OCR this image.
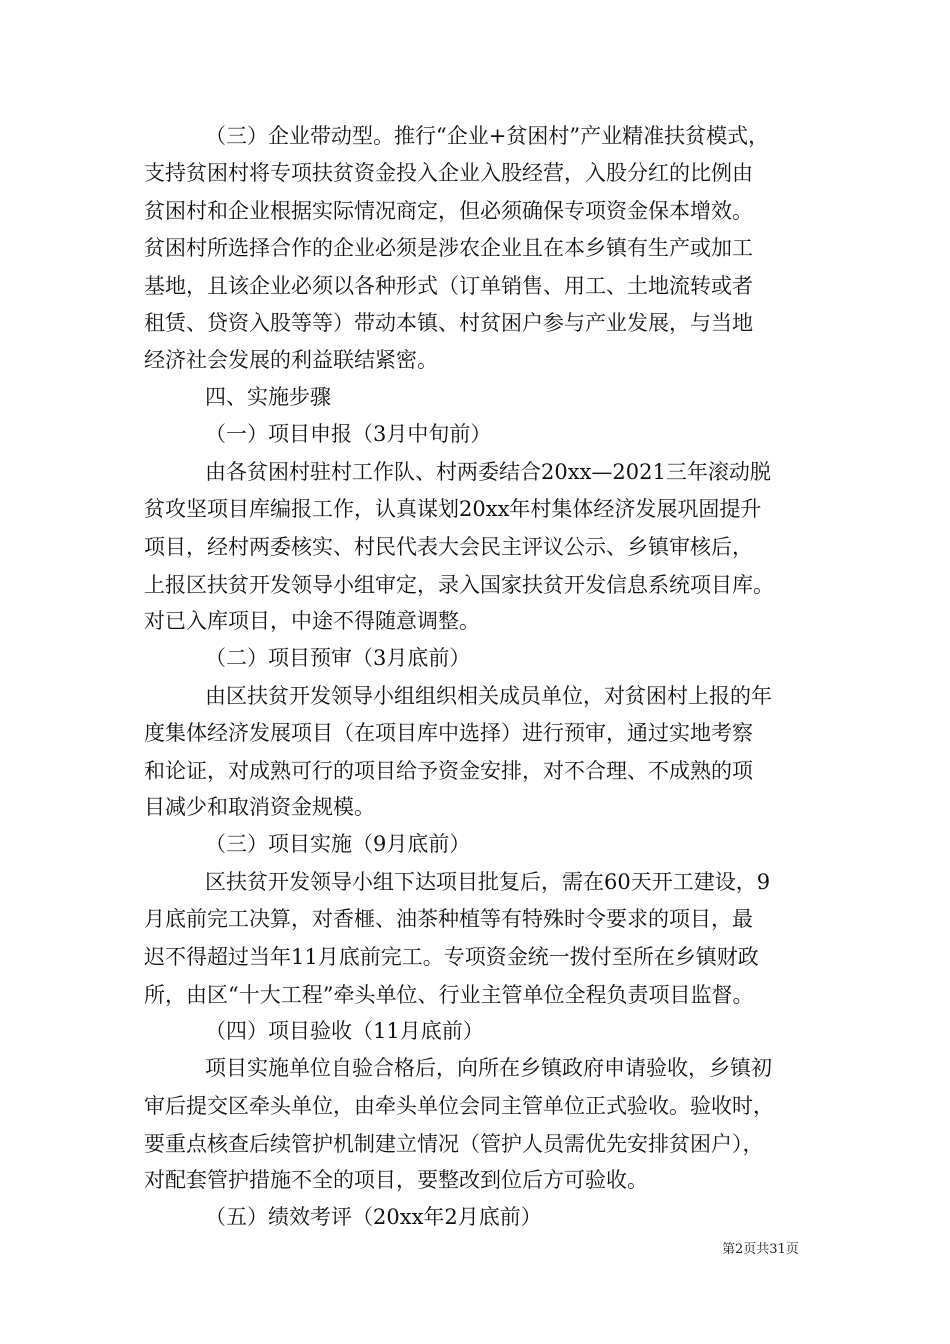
（三）企业带动型。推行“企业+贫困村”产业精准扶贫模式，
支持贫困村将专项扶贫资金投入企业入股经营，入股分红的比例由
贫困村和企业根据实际情况商定，但必须确保专项资金保本增效。
贫困村所选择合作的企业必须是涉农企业且在本乡镇有生产或加工
基地，且该企业必须以各种形式（订单销售、用工、土地流转或者
租赁、贷资入股等等）带动本镇、村贫困户参与产业发展，与当地
经济社会发展的利益联结紧密。
四、实施步骤
（一）项目申报（3月中旬前）
由各贫困村驻村工作队、村两委结合20xx—2021三年滚动脱
贫攻坚项目库编报工作，认真谋划20xx年村集体经济发展巩固提升
项目，经村两委核实、村民代表大会民主评议公示、乡镇审核后，
上报区扶贫开发领导小组审定，录入国家扶贫开发信息系统项目库。
对已入库项目，中途不得随意调整。
（二）项目预审（3月底前）
由区扶贫开发领导小组组织相关成员单位，对贫困村上报的年
度集体经济发展项目（在项目库中选择）进行预审，通过实地考察
和论证，对成熟可行的项目给予资金安排，对不合理、不成熟的项
目减少和取消资金规模。
（三）项目实施（9月底前）
区扶贫开发领导小组下达项目批复后，需在60天开工建设，9
月底前完工决算，对香榧、油茶种植等有特殊时令要求的项目，最
迟不得超过当年11月底前完工。专项资金统一拨付至所在乡镇财政
所，由区“十大工程”牵头单位、行业主管单位全程负责项目监督。
（四）项目验收（11月底前）
项目实施单位自验合格后，向所在乡镇政府申请验收，乡镇初
审后提交区牵头单位，由牵头单位会同主管单位正式验收。验收时，
要重点核查后续管护机制建立情况（管护人员需优先安排贫困户），
对配套管护措施不全的项目，要整改到位后方可验收。
（五）绩效考评（20xx年2月底前）
第2页共31页
